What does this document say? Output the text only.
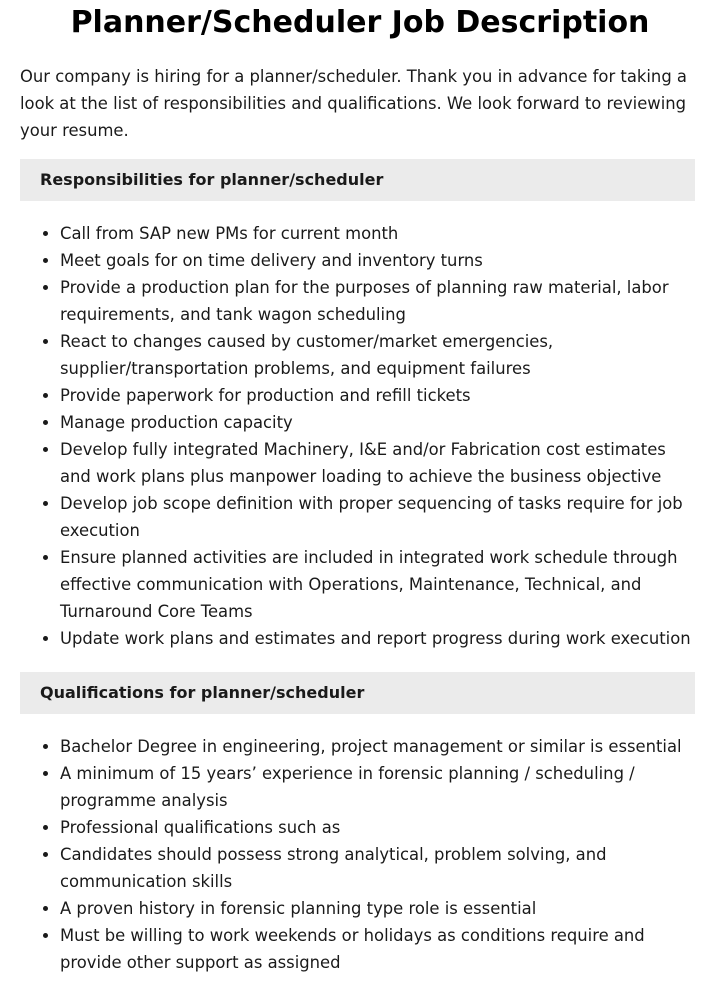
Planner/Scheduler Job Description

Our company is hiring for a planner/scheduler. Thank you in advance for taking a look at the list of responsibilities and qualifications. We look forward to reviewing your resume.

Responsibilities for planner/scheduler
Call from SAP new PMs for current month
Meet goals for on time delivery and inventory turns
Provide a production plan for the purposes of planning raw material, labor requirements, and tank wagon scheduling
React to changes caused by customer/market emergencies, supplier/transportation problems, and equipment failures
Provide paperwork for production and refill tickets
Manage production capacity
Develop fully integrated Machinery, I&E and/or Fabrication cost estimates and work plans plus manpower loading to achieve the business objective
Develop job scope definition with proper sequencing of tasks require for job execution
Ensure planned activities are included in integrated work schedule through effective communication with Operations, Maintenance, Technical, and Turnaround Core Teams
Update work plans and estimates and report progress during work execution
Qualifications for planner/scheduler
Bachelor Degree in engineering, project management or similar is essential
A minimum of 15 years’ experience in forensic planning / scheduling / programme analysis
Professional qualifications such as
Candidates should possess strong analytical, problem solving, and communication skills
A proven history in forensic planning type role is essential
Must be willing to work weekends or holidays as conditions require and provide other support as assigned
